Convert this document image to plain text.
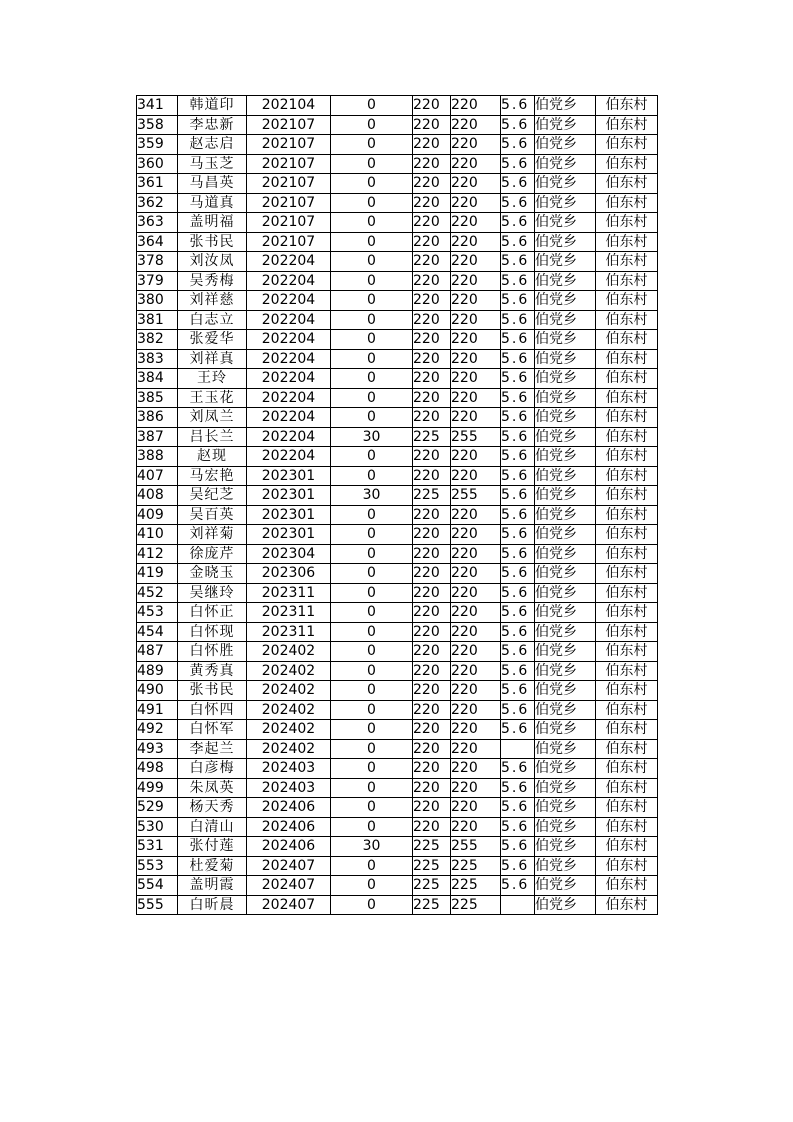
341	韩道印	202104	0	220	220	5.6	伯党乡	伯东村
358	李忠新	202107	0	220	220	5.6	伯党乡	伯东村
359	赵志启	202107	0	220	220	5.6	伯党乡	伯东村
360	马玉芝	202107	0	220	220	5.6	伯党乡	伯东村
361	马昌英	202107	0	220	220	5.6	伯党乡	伯东村
362	马道真	202107	0	220	220	5.6	伯党乡	伯东村
363	盖明福	202107	0	220	220	5.6	伯党乡	伯东村
364	张书民	202107	0	220	220	5.6	伯党乡	伯东村
378	刘汝凤	202204	0	220	220	5.6	伯党乡	伯东村
379	吴秀梅	202204	0	220	220	5.6	伯党乡	伯东村
380	刘祥慈	202204	0	220	220	5.6	伯党乡	伯东村
381	白志立	202204	0	220	220	5.6	伯党乡	伯东村
382	张爱华	202204	0	220	220	5.6	伯党乡	伯东村
383	刘祥真	202204	0	220	220	5.6	伯党乡	伯东村
384	王玲	202204	0	220	220	5.6	伯党乡	伯东村
385	王玉花	202204	0	220	220	5.6	伯党乡	伯东村
386	刘凤兰	202204	0	220	220	5.6	伯党乡	伯东村
387	吕长兰	202204	30	225	255	5.6	伯党乡	伯东村
388	赵现	202204	0	220	220	5.6	伯党乡	伯东村
407	马宏艳	202301	0	220	220	5.6	伯党乡	伯东村
408	吴纪芝	202301	30	225	255	5.6	伯党乡	伯东村
409	吴百英	202301	0	220	220	5.6	伯党乡	伯东村
410	刘祥菊	202301	0	220	220	5.6	伯党乡	伯东村
412	徐庞芹	202304	0	220	220	5.6	伯党乡	伯东村
419	金晓玉	202306	0	220	220	5.6	伯党乡	伯东村
452	吴继玲	202311	0	220	220	5.6	伯党乡	伯东村
453	白怀正	202311	0	220	220	5.6	伯党乡	伯东村
454	白怀现	202311	0	220	220	5.6	伯党乡	伯东村
487	白怀胜	202402	0	220	220	5.6	伯党乡	伯东村
489	黄秀真	202402	0	220	220	5.6	伯党乡	伯东村
490	张书民	202402	0	220	220	5.6	伯党乡	伯东村
491	白怀四	202402	0	220	220	5.6	伯党乡	伯东村
492	白怀军	202402	0	220	220	5.6	伯党乡	伯东村
493	李起兰	202402	0	220	220		伯党乡	伯东村
498	白彦梅	202403	0	220	220	5.6	伯党乡	伯东村
499	朱凤英	202403	0	220	220	5.6	伯党乡	伯东村
529	杨天秀	202406	0	220	220	5.6	伯党乡	伯东村
530	白清山	202406	0	220	220	5.6	伯党乡	伯东村
531	张付莲	202406	30	225	255	5.6	伯党乡	伯东村
553	杜爱菊	202407	0	225	225	5.6	伯党乡	伯东村
554	盖明霞	202407	0	225	225	5.6	伯党乡	伯东村
555	白昕晨	202407	0	225	225		伯党乡	伯东村
